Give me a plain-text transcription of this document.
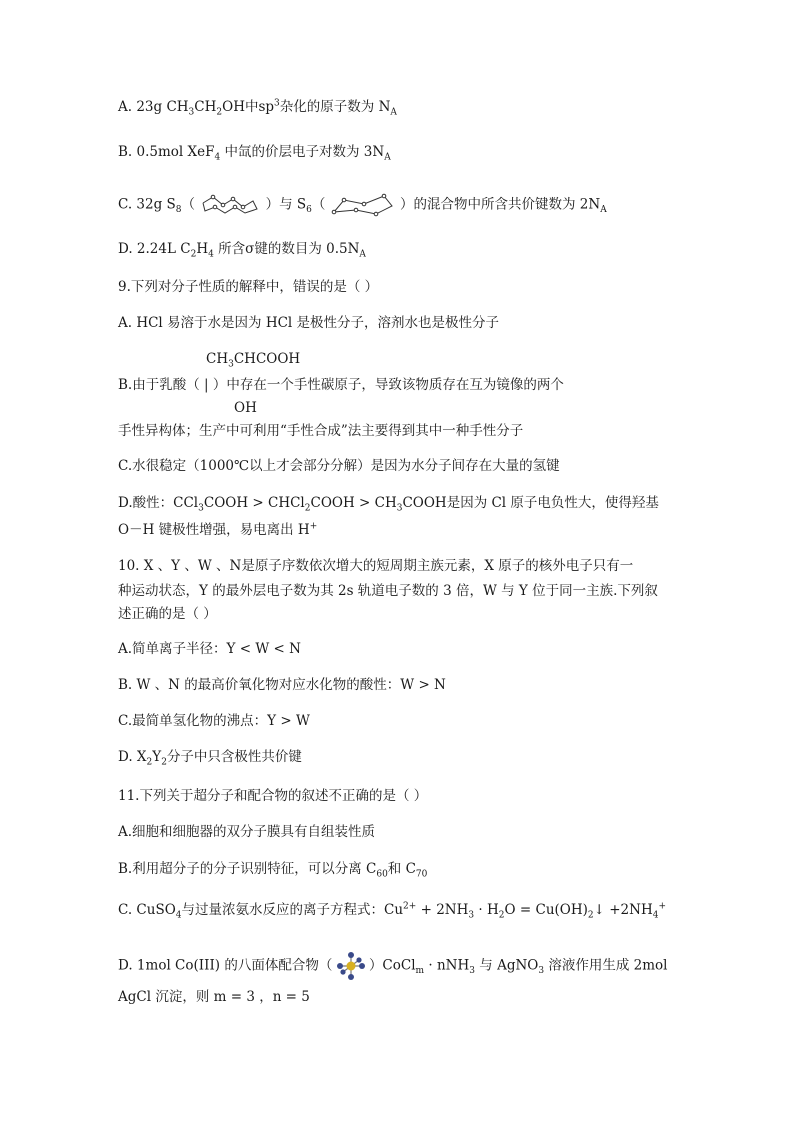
A. 23g $CH_3CH_2OH$中$sp^3$杂化的原子数为 $N_A$
B. 0.5mol XeF$_4$ 中氙的价层电子对数为 $3N_A$
C. 32g $S_8$（	）与 $S_6$（	）的混合物中所含共价键数为 $2N_A$
D. 2.24L $C_2H_4$ 所含σ键的数目为 $0.5N_A$
9.下列对分子性质的解释中，错误的是（ ）
A. HCl 易溶于水是因为 HCl 是极性分子，溶剂水也是极性分子
$CH_3CHCOOH$
B.由于乳酸（ | ）中存在一个手性碳原子，导致该物质存在互为镜像的两个
OH
手性异构体；生产中可利用“手性合成”法主要得到其中一种手性分子
C.水很稳定（1000℃以上才会部分分解）是因为水分子间存在大量的氢键
D.酸性：CCl$_3$COOH > CHCl$_2$COOH > $CH_3COOH$是因为 Cl 原子电负性大，使得羟基
O－H 键极性增强，易电离出 H+
10. X 、Y 、W 、N是原子序数依次增大的短周期主族元素，X 原子的核外电子只有一
种运动状态，Y 的最外层电子数为其 2s 轨道电子数的 3 倍，W 与 Y 位于同一主族.下列叙
述正确的是（ ）
A.简单离子半径：Y < W < N
B. W 、N 的最高价氧化物对应水化物的酸性：W > N
C.最简单氢化物的沸点：Y > W
D. $X_2Y_2$分子中只含极性共价键
11.下列关于超分子和配合物的叙述不正确的是（ ）
A.细胞和细胞器的双分子膜具有自组装性质
B.利用超分子的分子识别特征，可以分离 $C_{60}$和 $C_{70}$
C. CuSO$_4$与过量浓氨水反应的离子方程式：$Cu^{2+} + 2NH_3 \cdot H_2O$ = $Cu(OH)_2↓ +2NH_4^+$
D. 1mol Co(III) 的八面体配合物（	）CoCl$_m$ · nNH$_3$ 与 AgNO$_3$ 溶液作用生成 2mol
AgCl 沉淀，则 m = 3 ，n = 5
